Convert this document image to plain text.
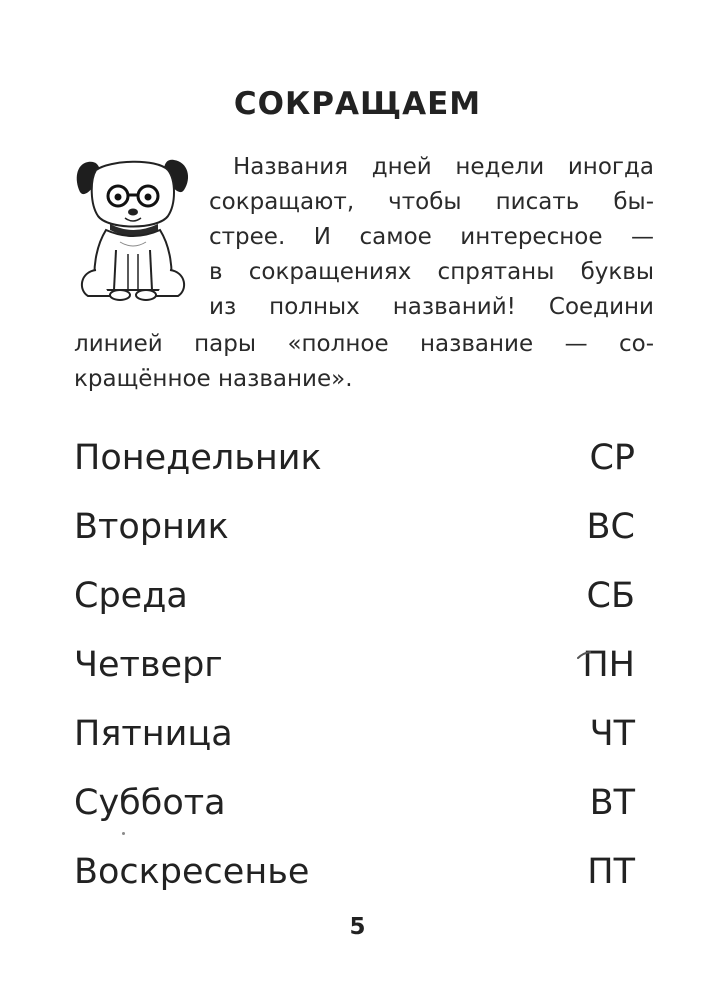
СОКРАЩАЕМ
Названия дней недели иногда
сокращают, чтобы писать бы-
стрее. И самое интересное —
в сокращениях спрятаны буквы
из полных названий! Соедини
линией пары «полное название — со-
кращённое название».
Понедельник
Вторник
Среда
Четверг
Пятница
Суббота
Воскресенье
СР
ВС
СБ
ПН
ЧТ
ВТ
ПТ
5
